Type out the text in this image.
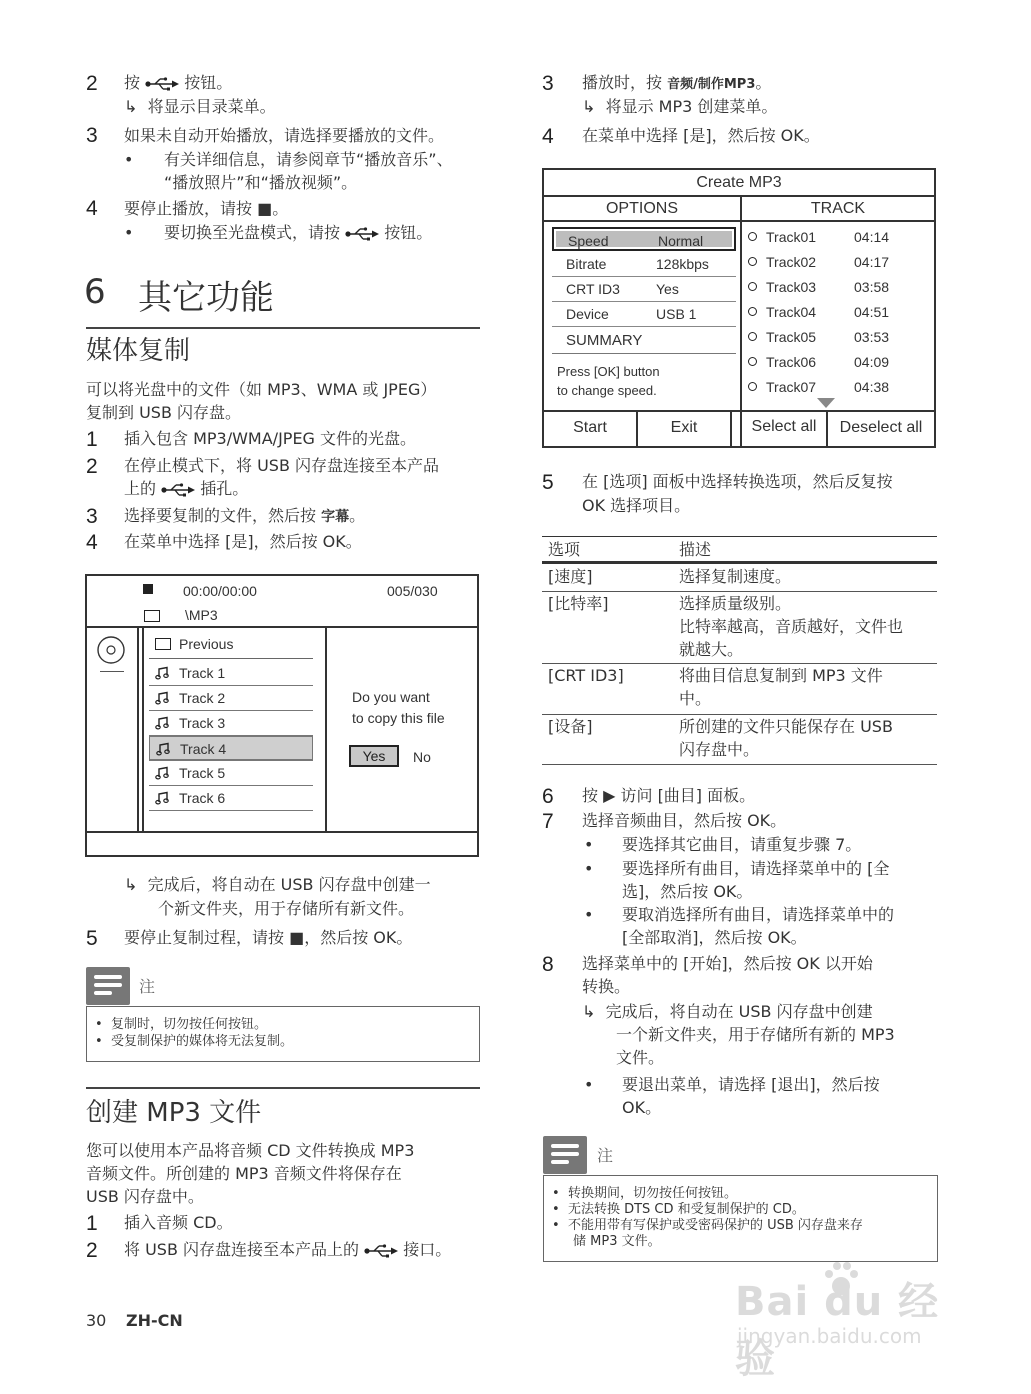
2 按	按钮。
↳  将显示目录菜单。
3 如果未自动开始播放，请选择要播放的文件。
• 有关详细信息，请参阅章节“播放音乐”、
“播放照片”和“播放视频”。
4 要停止播放，请按 ■。
• 要切换至光盘模式，请按	按钮。
6 其它功能
媒体复制
可以将光盘中的文件（如 MP3、WMA 或 JPEG）
复制到 USB 闪存盘。
1 插入包含 MP3/WMA/JPEG 文件的光盘。
2 在停止模式下，将 USB 闪存盘连接至本产品
上的	插孔。
3 选择要复制的文件，然后按 字幕。
4 在菜单中选择 [是]，然后按 OK。
00:00/00:00	005/030
\MP3
Previous
Track 1
Track 2
Track 3
Track 4
Track 5
Track 6
Do you want
to copy this file
Yes	No
↳  完成后，将自动在 USB 闪存盘中创建一
个新文件夹，用于存储所有新文件。
5 要停止复制过程，请按 ■，然后按 OK。
注
•  复制时，切勿按任何按钮。
•  受复制保护的媒体将无法复制。
创建 MP3 文件
您可以使用本产品将音频 CD 文件转换成 MP3
音频文件。所创建的 MP3 音频文件将保存在
USB 闪存盘中。
1 插入音频 CD。
2 将 USB 闪存盘连接至本产品上的	接口。
30 ZH-CN
3 播放时，按 音频/制作MP3。
↳  将显示 MP3 创建菜单。
4 在菜单中选择 [是]，然后按 OK。
Create MP3
OPTIONS	TRACK
SUMMARY
Press [OK] button
to change speed.
Start	Exit	Select all	Deselect all
Speed	Normal
Bitrate	128kbps
CRT ID3	Yes
Device	USB 1
Track01	04:14
Track02	04:17
Track03	03:58
Track04	04:51
Track05	03:53
Track06	04:09
Track07	04:38
5 在 [选项] 面板中选择转换选项，然后反复按
OK 选择项目。
选项	描述
6 按 ▶ 访问 [曲目] 面板。
7 选择音频曲目，然后按 OK。
• 要选择其它曲目，请重复步骤 7。
• 要选择所有曲目，请选择菜单中的 [全
选]，然后按 OK。
• 要取消选择所有曲目，请选择菜单中的
[全部取消]，然后按 OK。
8 选择菜单中的 [开始]，然后按 OK 以开始
转换。
↳  完成后，将自动在 USB 闪存盘中创建
一个新文件夹，用于存储所有新的 MP3
文件。
• 要退出菜单，请选择 [退出]，然后按
OK。
注
•  转换期间，切勿按任何按钮。
•  无法转换 DTS CD 和受复制保护的 CD。
•  不能用带有写保护或受密码保护的 USB 闪存盘来存
储 MP3 文件。
Bai du 经验
jingyan.baidu.com
[速度]	选择复制速度。
[比特率]	选择质量级别。
比特率越高，音质越好，文件也
就越大。
[CRT ID3]	将曲目信息复制到 MP3 文件
中。
[设备]	所创建的文件只能保存在 USB
闪存盘中。
